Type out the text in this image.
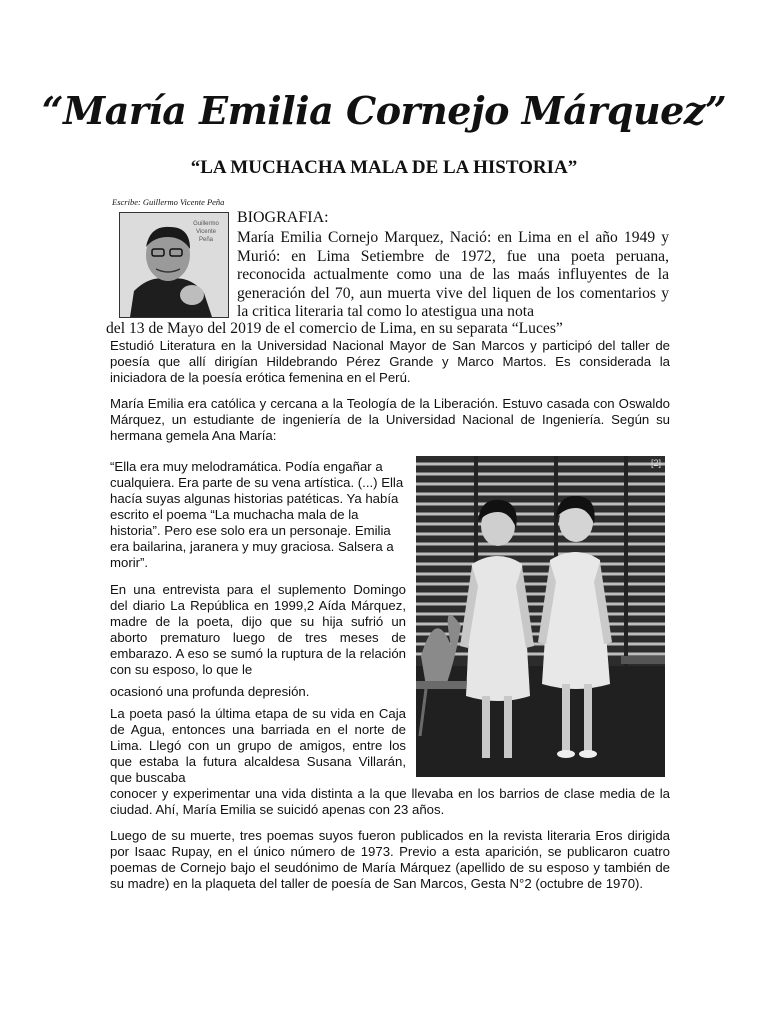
“María Emilia Cornejo Márquez”
“LA MUCHACHA MALA DE LA HISTORIA”
Escribe: Guillermo Vicente Peña
Guillermo
Vicente
Peña
BIOGRAFIA:

María Emilia Cornejo Marquez, Nació: en Lima en el año 1949 y Murió: en Lima Setiembre de 1972, fue una poeta peruana, reconocida actualmente como una de las maás influyentes de la generación del 70, aun muerta vive del liquen de los comentarios y la critica literaria tal como lo atestigua una nota

del 13 de Mayo del 2019 de el comercio de Lima, en su separata “Luces”

Estudió Literatura en la Universidad Nacional Mayor de San Marcos y participó del taller de poesía que allí dirigían Hildebrando Pérez Grande y Marco Martos. Es considerada la iniciadora de la poesía erótica femenina en el Perú.

María Emilia era católica y cercana a la Teología de la Liberación. Estuvo casada con Oswaldo Márquez, un estudiante de ingeniería de la Universidad Nacional de Ingeniería. Según su hermana gemela Ana María:

“Ella era muy melodramática. Podía engañar a cualquiera. Era parte de su vena artística. (...) Ella hacía suyas algunas historias patéticas. Ya había escrito el poema “La muchacha mala de la historia”. Pero ese solo era un personaje. Emilia era bailarina, jaranera y muy graciosa. Salsera a morir”.

En una entrevista para el suplemento Domingo del diario La República en 1999,2 Aída Márquez, madre de la poeta, dijo que su hija sufrió un aborto prematuro luego de tres meses de embarazo. A eso se sumó la ruptura de la relación con su esposo, lo que le

ocasionó una profunda depresión.

La poeta pasó la última etapa de su vida en Caja de Agua, entonces una barriada en el norte de Lima. Llegó con un grupo de amigos, entre los que estaba la futura alcaldesa Susana Villarán, que buscaba

conocer y experimentar una vida distinta a la que llevaba en los barrios de clase media de la ciudad. Ahí, María Emilia se suicidó apenas con 23 años.

Luego de su muerte, tres poemas suyos fueron publicados en la revista literaria Eros dirigida por Isaac Rupay, en el único número de 1973. Previo a esta aparición, se publicaron cuatro poemas de Cornejo bajo el seudónimo de María Márquez (apellido de su esposo y también de su madre) en la plaqueta del taller de poesía de San Marcos, Gesta N°2 (octubre de 1970).

[2]
